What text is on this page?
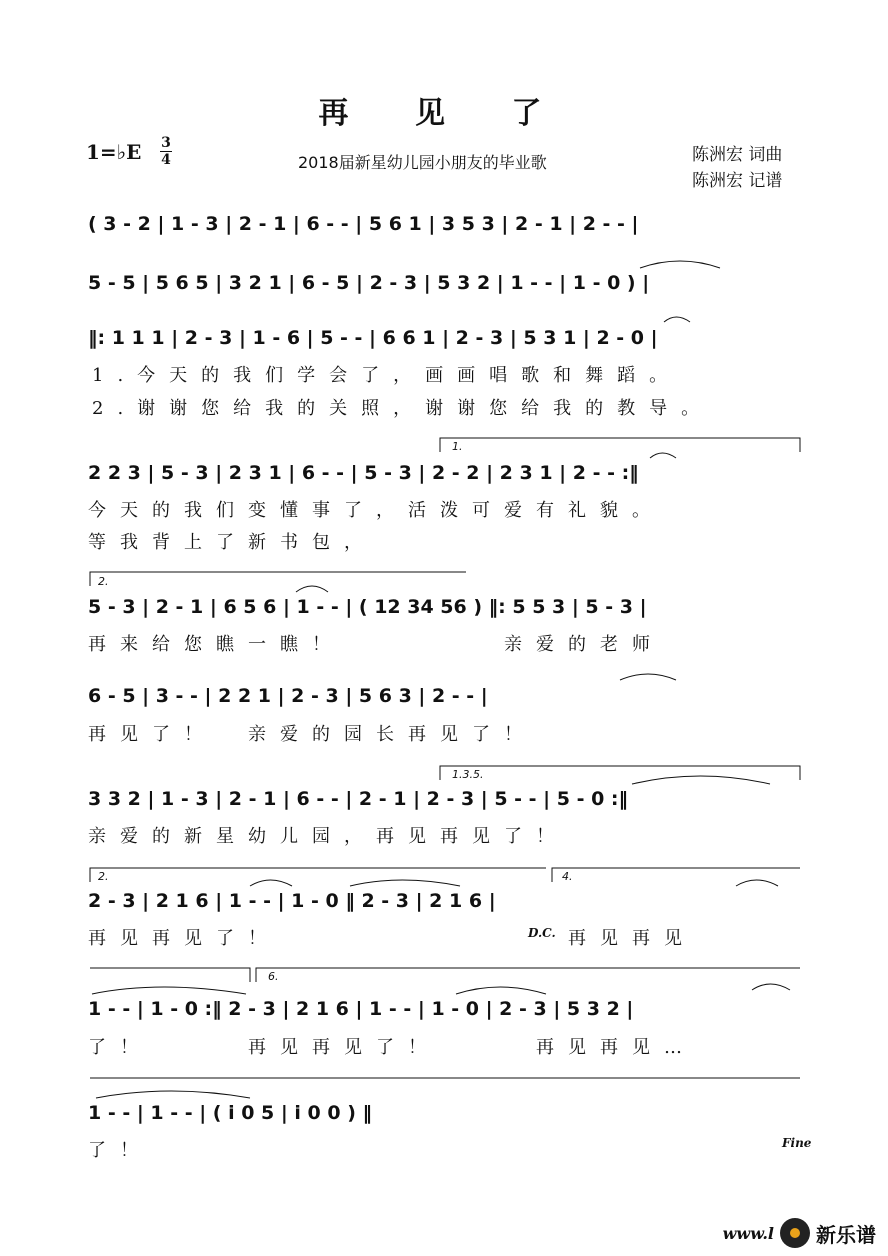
再 见 了
1=♭E 3
4	2018届新星幼儿园小朋友的毕业歌	陈洲宏 词曲
陈洲宏 记谱
( 3 - 2 | 1 - 3 | 2 - 1 | 6 - - | 5 6 1 | 3 5 3 | 2 - 1 | 2 - - |
5 - 5 | 5 6 5 | 3 2 1 | 6 - 5 | 2 - 3 | 5 3 2 | 1 - - | 1 - 0 ) |
‖: 1 1 1 | 2 - 3 | 1 - 6 | 5 - - | 6 6 1 | 2 - 3 | 5 3 1 | 2 - 0 |
1.今天的我们学会了，画画唱歌和舞蹈。
2.谢谢您给我的关照，谢谢您给我的教导。
1.
2 2 3 | 5 - 3 | 2 3 1 | 6 - - | 5 - 3 | 2 - 2 | 2 3 1 | 2 - - :‖
今天的我们变懂事了，活泼可爱有礼貌。
等我背上了新书包，
2.
5 - 3 | 2 - 1 | 6 5 6 | 1 - - | ( 12 34 56 ) ‖: 5 5 3 | 5 - 3 |
再来给您瞧一瞧！　　　　　亲爱的老师
6 - 5 | 3 - - | 2 2 1 | 2 - 3 | 5 6 3 | 2 - - |
再见了！　亲爱的园长再见了！
1.3.5.
3 3 2 | 1 - 3 | 2 - 1 | 6 - - | 2 - 1 | 2 - 3 | 5 - - | 5 - 0 :‖
亲爱的新星幼儿园，再见再见了！
2.	4.
2 - 3 | 2 1 6 | 1 - - | 1 - 0 ‖ 2 - 3 | 2 1 6 |
再见再见了！	D.C. 再见再见
6.
1 - - | 1 - 0 :‖ 2 - 3 | 2 1 6 | 1 - - | 1 - 0 | 2 - 3 | 5 3 2 |
了！　　　再见再见了！　　　再见再见…
1 - - | 1 - - | ( i 0 5 | i 0 0 ) ‖
了！	Fine
www.l 新乐谱
